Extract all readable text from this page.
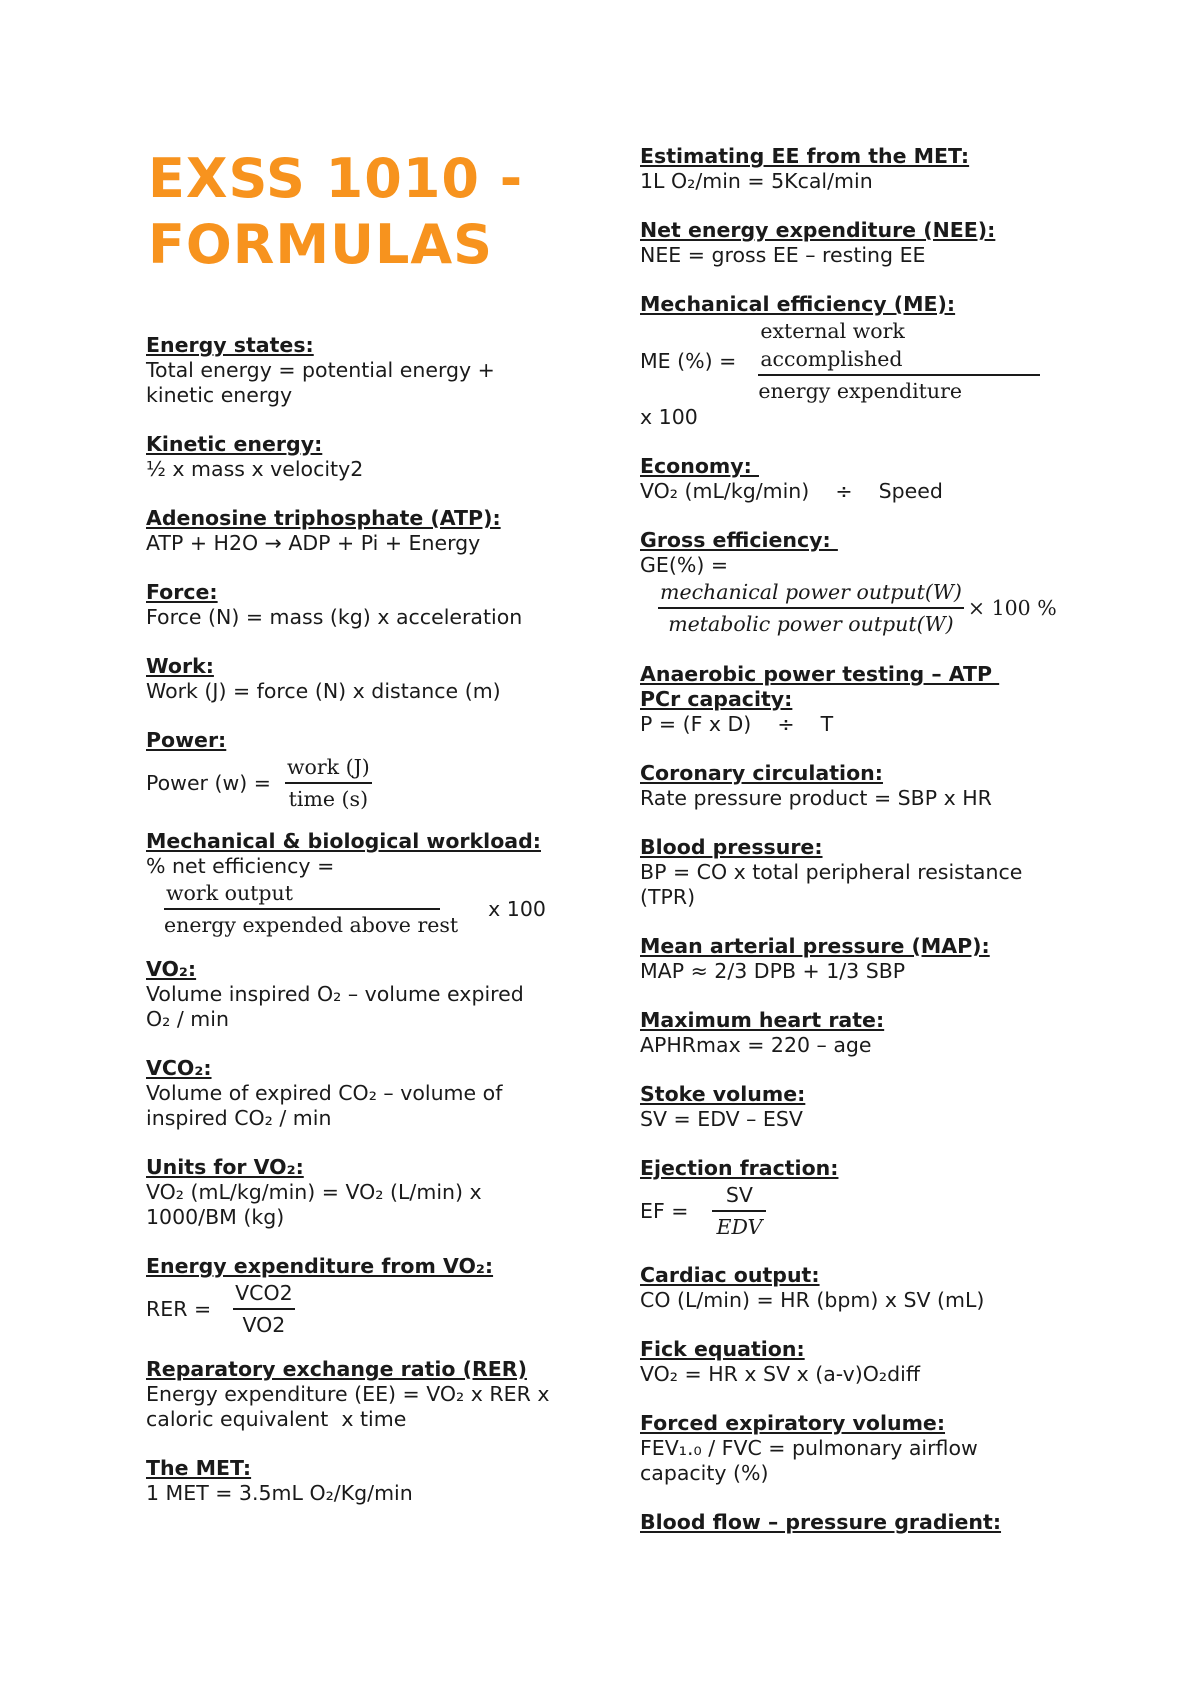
EXSS 1010 -
FORMULAS
Energy states:
Total energy = potential energy +
kinetic energy
Kinetic energy:
½ x mass x velocity2
Adenosine triphosphate (ATP):
ATP + H2O → ADP + Pi + Energy
Force:
Force (N) = mass (kg) x acceleration
Work:
Work (J) = force (N) x distance (m)
Power:
Power $(w) = \frac{\text{work (J)}}{\text{time (s)}}$
Mechanical & biological workload:
% net efficiency =
$\frac{\text{work output}}{\text{energy expended above rest}}$ x 100
VO₂:
Volume inspired O₂ – volume expired
O₂ / min
VCO₂:
Volume of expired CO₂ – volume of
inspired CO₂ / min
Units for VO₂:
VO₂ (mL/kg/min) = VO₂ (L/min) x
1000/BM (kg)
Energy expenditure from VO₂:
RER = $\frac{\text{VCO2}}{VO2}$
Reparatory exchange ratio (RER)
Energy expenditure (EE) = VO₂ x RER x
caloric equivalent  x time
The MET:
1 MET = 3.5mL O₂/Kg/min
Estimating EE from the MET:
1L O₂/min = 5Kcal/min
Net energy expenditure (NEE):
NEE = gross EE – resting EE
Mechanical efficiency (ME):
ME (%) = $\frac{\text{external work accomplished}}{\text{energy expenditure}}$
x 100
Economy:
VO₂ (mL/kg/min)    ÷    Speed
Gross efficiency:
GE(%) =
$\frac{\text{mechanical power output(W)}}{\text{metabolic power output(W)}} \times 100$ %
Anaerobic power testing – ATP
PCr capacity:
P = (F x D)    ÷    T
Coronary circulation:
Rate pressure product = SBP x HR
Blood pressure:
BP = CO x total peripheral resistance
(TPR)
Mean arterial pressure (MAP):
MAP ≈ 2/3 DPB + 1/3 SBP
Maximum heart rate:
APHRmax = 220 – age
Stoke volume:
SV = EDV – ESV
Ejection fraction:
EF = $\frac{SV}{\text{EDV}}$
Cardiac output:
CO (L/min) = HR (bpm) x SV (mL)
Fick equation:
VO₂ = HR x SV x (a-v)O₂diff
Forced expiratory volume:
FEV₁.₀ / FVC = pulmonary airflow
capacity (%)
Blood flow – pressure gradient:
